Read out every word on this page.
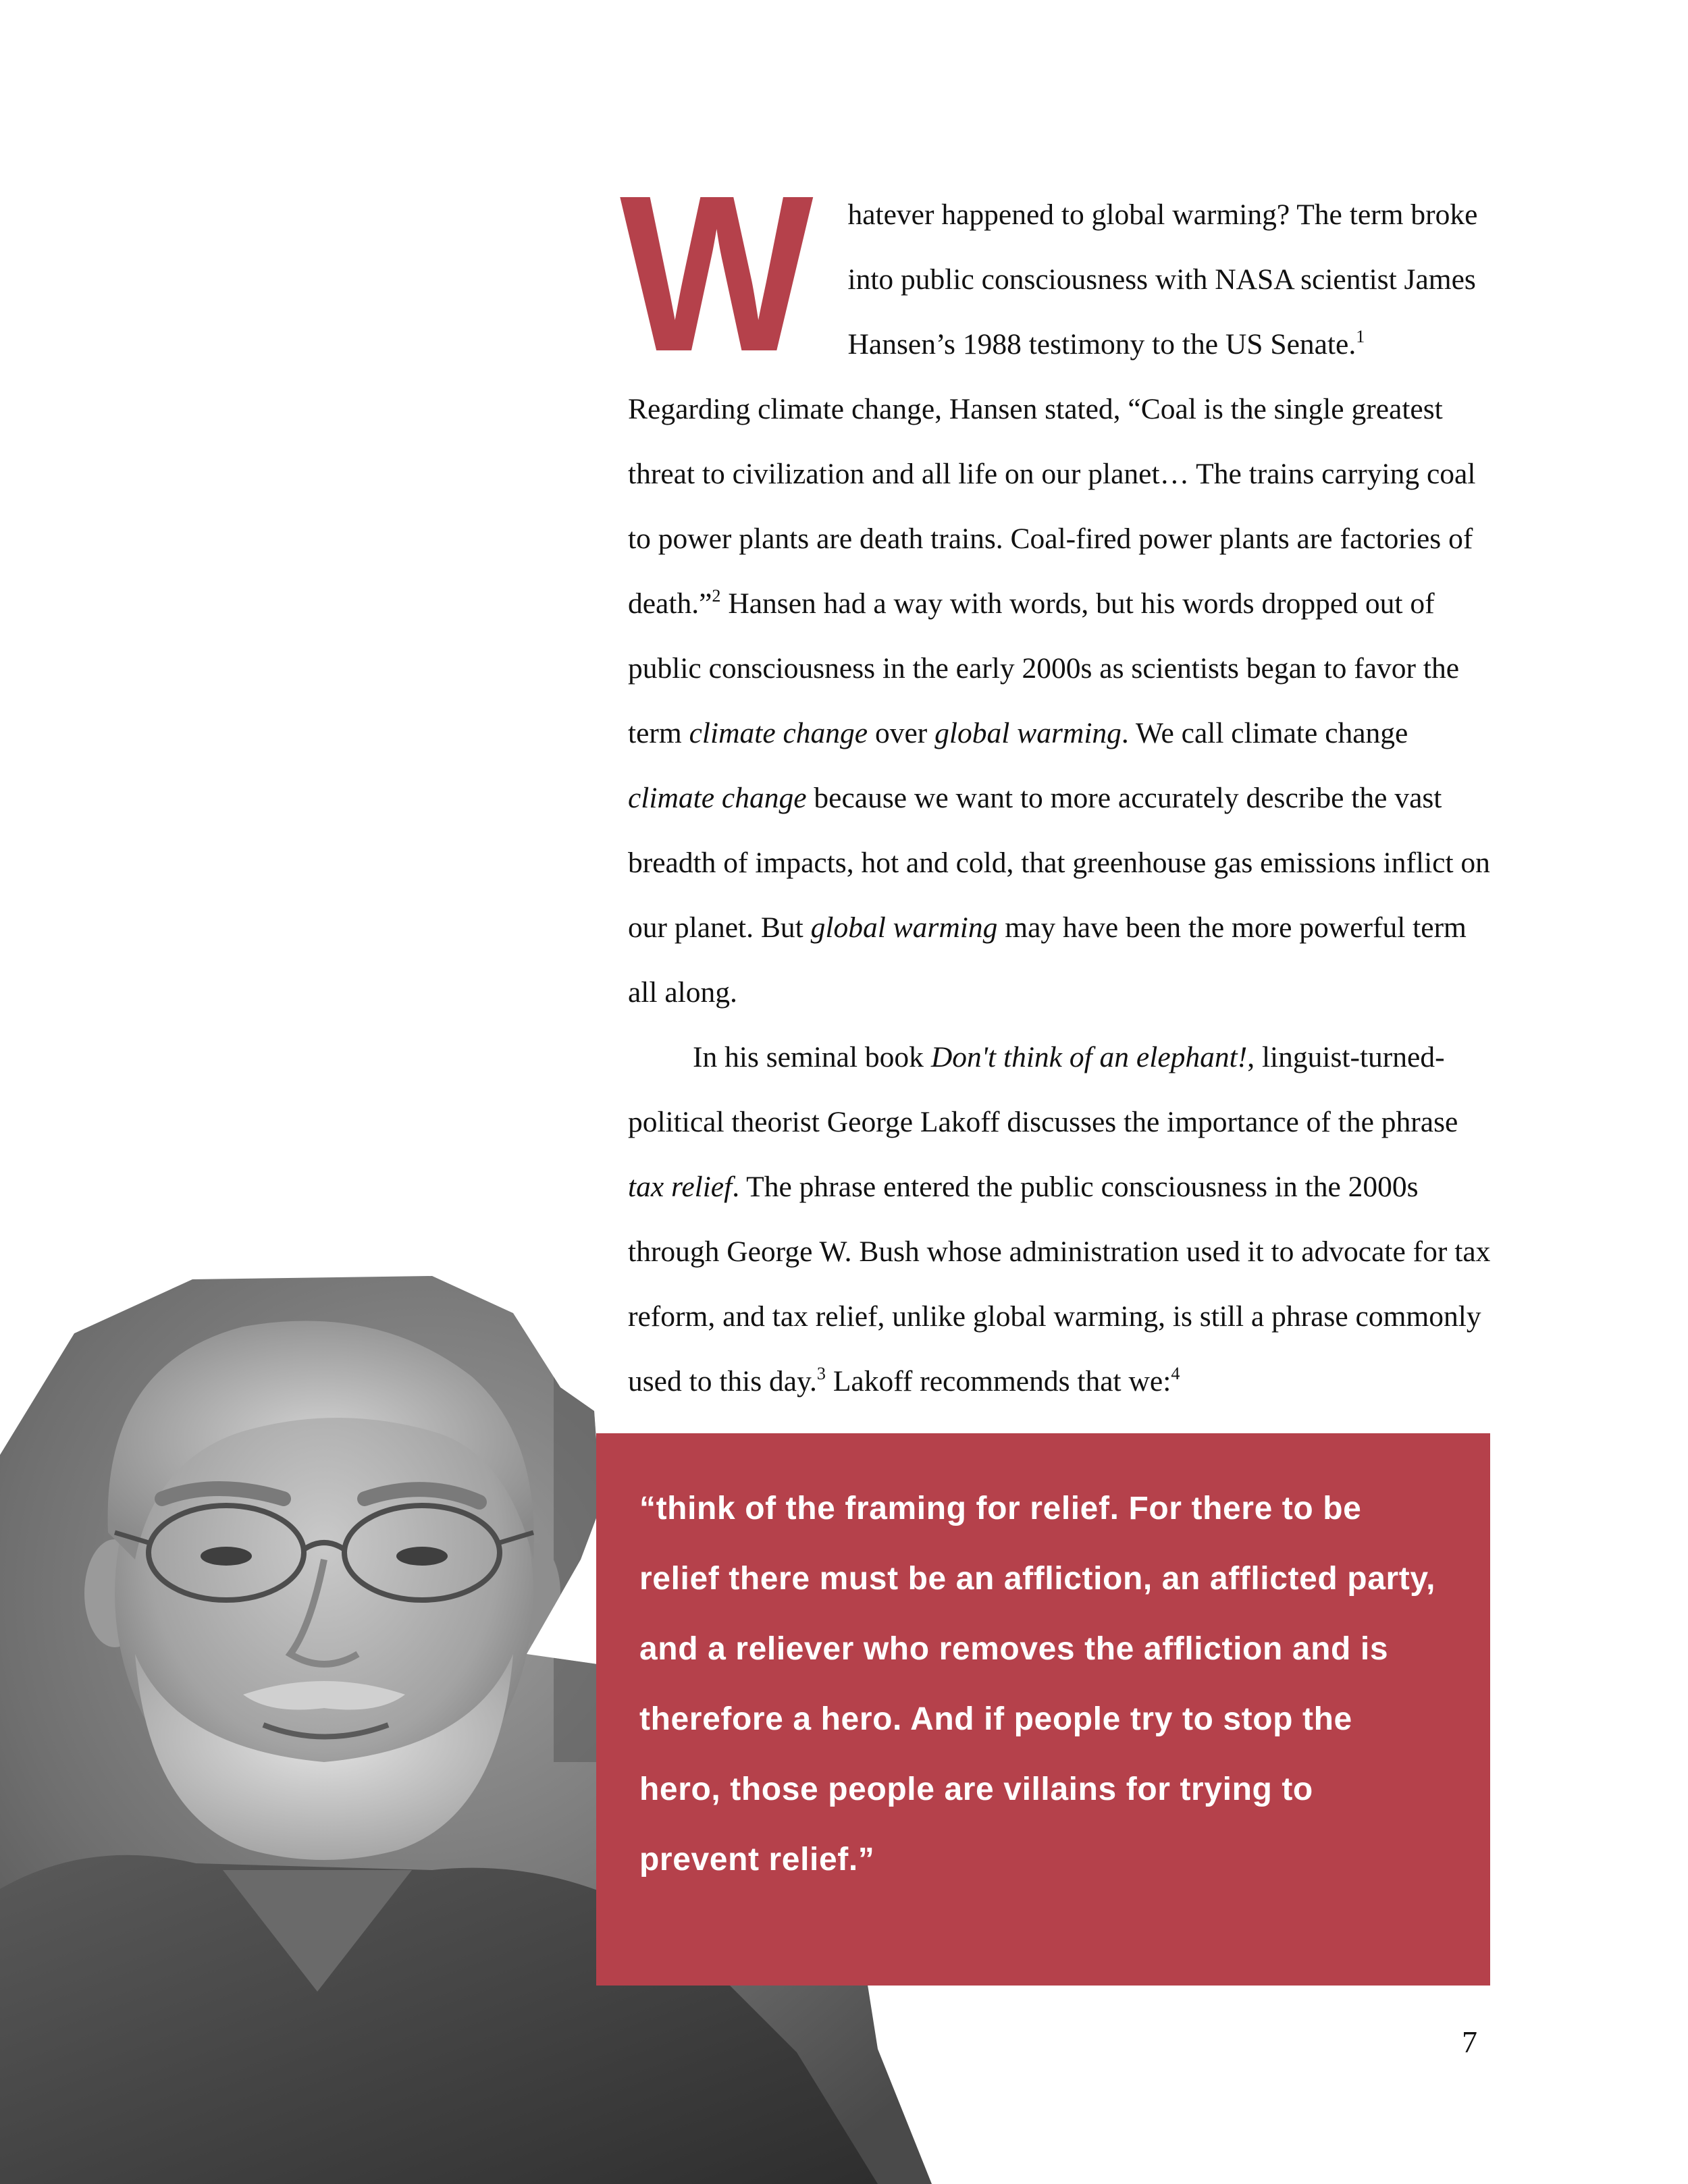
W hatever happened to global warming? The term broke into public consciousness with NASA scientist James Hansen’s 1988 testimony to the US Senate.$^1$ Regarding climate change, Hansen stated, “Coal is the single greatest threat to civilization and all life on our planet… The trains carrying coal to power plants are death trains. Coal-fired power plants are factories of death.”$^2$ Hansen had a way with words, but his words dropped out of public consciousness in the early 2000s as scientists began to favor the term climate change over global warming. We call climate change climate change because we want to more accurately describe the vast breadth of impacts, hot and cold, that greenhouse gas emissions inflict on our planet. But global warming may have been the more powerful term all along.

In his seminal book Don't think of an elephant!, linguist-turned-political theorist George Lakoff discusses the importance of the phrase tax relief. The phrase entered the public consciousness in the 2000s through George W. Bush whose administration used it to advocate for tax reform, and tax relief, unlike global warming, is still a phrase commonly used to this day.$^3$ Lakoff recommends that we:$^4$

“think of the framing for relief. For there to be relief there must be an affliction, an afflicted party, and a reliever who removes the affliction and is therefore a hero. And if people try to stop the hero, those people are villains for trying to prevent relief.”

7
